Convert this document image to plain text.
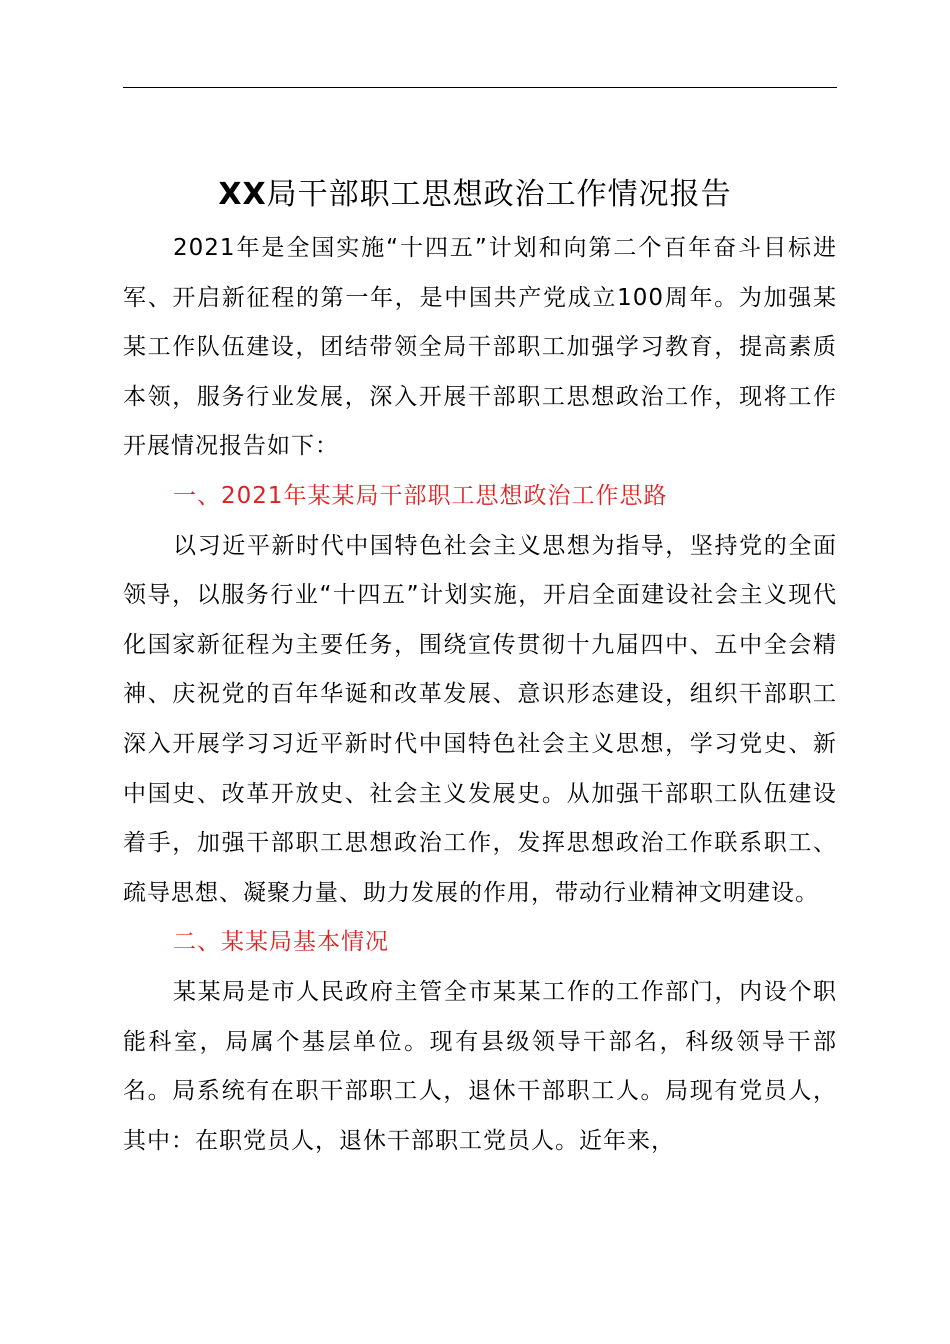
XX局干部职工思想政治工作情况报告

2021年是全国实施“十四五”计划和向第二个百年奋斗目标进军、开启新征程的第一年，是中国共产党成立100周年。为加强某某工作队伍建设，团结带领全局干部职工加强学习教育，提高素质本领，服务行业发展，深入开展干部职工思想政治工作，现将工作开展情况报告如下：

一、2021年某某局干部职工思想政治工作思路

以习近平新时代中国特色社会主义思想为指导，坚持党的全面领导，以服务行业“十四五”计划实施，开启全面建设社会主义现代化国家新征程为主要任务，围绕宣传贯彻十九届四中、五中全会精神、庆祝党的百年华诞和改革发展、意识形态建设，组织干部职工深入开展学习习近平新时代中国特色社会主义思想，学习党史、新中国史、改革开放史、社会主义发展史。从加强干部职工队伍建设着手，加强干部职工思想政治工作，发挥思想政治工作联系职工、疏导思想、凝聚力量、助力发展的作用，带动行业精神文明建设。

二、某某局基本情况

某某局是市人民政府主管全市某某工作的工作部门，内设个职能科室，局属个基层单位。现有县级领导干部名，科级领导干部名。局系统有在职干部职工人，退休干部职工人。局现有党员人，其中：在职党员人，退休干部职工党员人。近年来，
